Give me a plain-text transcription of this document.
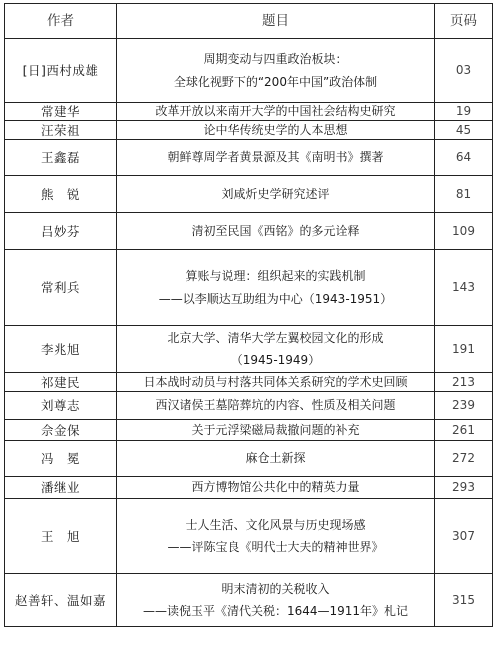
作者	题目	页码
[日]西村成雄	周期变动与四重政治板块：
全球化视野下的“200年中国”政治体制	03
常建华	改革开放以来南开大学的中国社会结构史研究	19
汪荣祖	论中华传统史学的人本思想	45
王鑫磊	朝鲜尊周学者黄景源及其《南明书》撰著	64
熊　锐	刘咸炘史学研究述评	81
吕妙芬	清初至民国《西铭》的多元诠释	109
常利兵	算账与说理：组织起来的实践机制
——以李顺达互助组为中心（1943-1951）	143
李兆旭	北京大学、清华大学左翼校园文化的形成
（1945-1949）	191
祁建民	日本战时动员与村落共同体关系研究的学术史回顾	213
刘尊志	西汉诸侯王墓陪葬坑的内容、性质及相关问题	239
佘金保	关于元浮梁磁局裁撤问题的补充	261
冯　冕	麻仓土新探	272
潘继业	西方博物馆公共化中的精英力量	293
王　旭	士人生活、文化风景与历史现场感
——评陈宝良《明代士大夫的精神世界》	307
赵善轩、温如嘉	明末清初的关税收入
——读倪玉平《清代关税：1644—1911年》札记	315
